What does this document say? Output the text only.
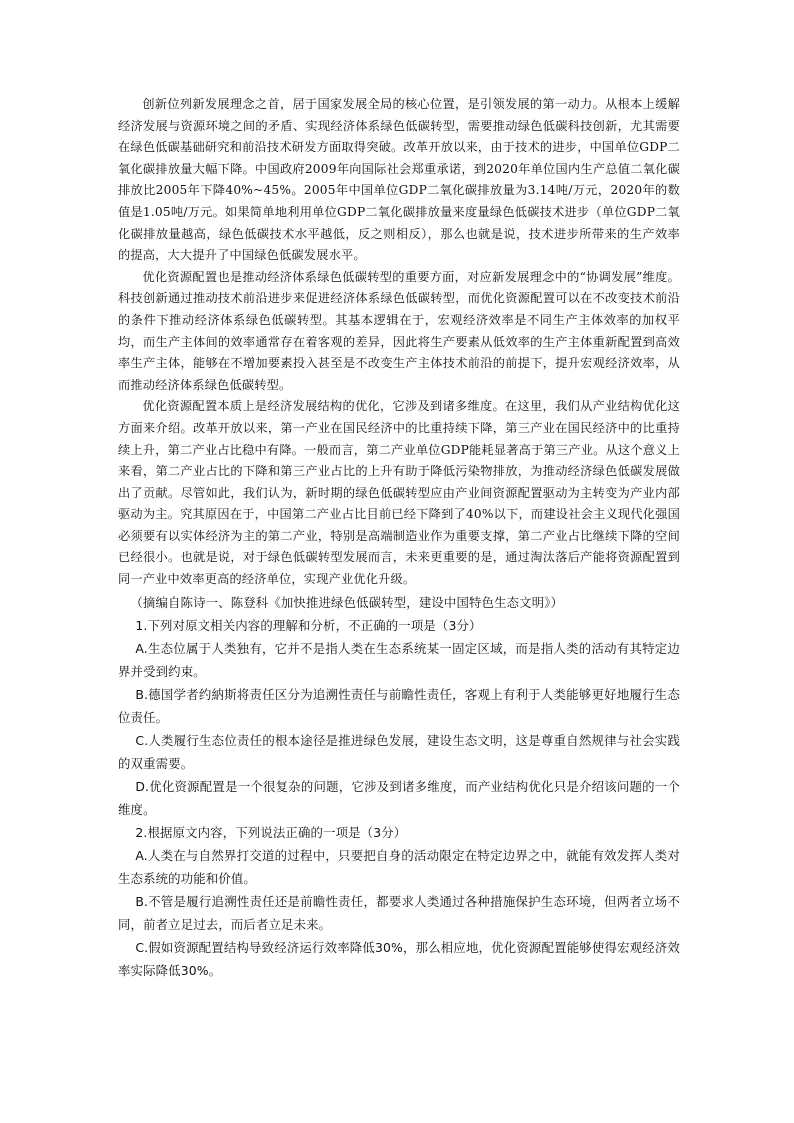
创新位列新发展理念之首，居于国家发展全局的核心位置，是引领发展的第一动力。从根本上缓解经济发展与资源环境之间的矛盾、实现经济体系绿色低碳转型，需要推动绿色低碳科技创新，尤其需要在绿色低碳基础研究和前沿技术研发方面取得突破。改革开放以来，由于技术的进步，中国单位GDP二氧化碳排放量大幅下降。中国政府2009年向国际社会郑重承诺，到2020年单位国内生产总值二氧化碳排放比2005年下降40%~45%。2005年中国单位GDP二氧化碳排放量为3.14吨/万元，2020年的数值是1.05吨/万元。如果简单地利用单位GDP二氧化碳排放量来度量绿色低碳技术进步（单位GDP二氧化碳排放量越高，绿色低碳技术水平越低，反之则相反），那么也就是说，技术进步所带来的生产效率的提高，大大提升了中国绿色低碳发展水平。

优化资源配置也是推动经济体系绿色低碳转型的重要方面，对应新发展理念中的“协调发展”维度。科技创新通过推动技术前沿进步来促进经济体系绿色低碳转型，而优化资源配置可以在不改变技术前沿的条件下推动经济体系绿色低碳转型。其基本逻辑在于，宏观经济效率是不同生产主体效率的加权平均，而生产主体间的效率通常存在着客观的差异，因此将生产要素从低效率的生产主体重新配置到高效率生产主体，能够在不增加要素投入甚至是不改变生产主体技术前沿的前提下，提升宏观经济效率，从而推动经济体系绿色低碳转型。

优化资源配置本质上是经济发展结构的优化，它涉及到诸多维度。在这里，我们从产业结构优化这方面来介绍。改革开放以来，第一产业在国民经济中的比重持续下降，第三产业在国民经济中的比重持续上升，第二产业占比稳中有降。一般而言，第二产业单位GDP能耗显著高于第三产业。从这个意义上来看，第二产业占比的下降和第三产业占比的上升有助于降低污染物排放，为推动经济绿色低碳发展做出了贡献。尽管如此，我们认为，新时期的绿色低碳转型应由产业间资源配置驱动为主转变为产业内部驱动为主。究其原因在于，中国第二产业占比目前已经下降到了40%以下，而建设社会主义现代化强国必须要有以实体经济为主的第二产业，特别是高端制造业作为重要支撑，第二产业占比继续下降的空间已经很小。也就是说，对于绿色低碳转型发展而言，未来更重要的是，通过淘汰落后产能将资源配置到同一产业中效率更高的经济单位，实现产业优化升级。

（摘编自陈诗一、陈登科《加快推进绿色低碳转型，建设中国特色生态文明》）

1.下列对原文相关内容的理解和分析，不正确的一项是（3分）

A.生态位属于人类独有，它并不是指人类在生态系统某一固定区域，而是指人类的活动有其特定边界并受到约束。

B.德国学者约納斯将责任区分为追溯性责任与前瞻性责任，客观上有利于人类能够更好地履行生态位责任。

C.人类履行生态位责任的根本途径是推进绿色发展，建设生态文明，这是尊重自然规律与社会实践的双重需要。

D.优化资源配置是一个很复杂的问题，它涉及到诸多维度，而产业结构优化只是介绍该问题的一个维度。

2.根据原文内容，下列说法正确的一项是（3分）

A.人类在与自然界打交道的过程中，只要把自身的活动限定在特定边界之中，就能有效发挥人类对生态系统的功能和价值。

B.不管是履行追溯性责任还是前瞻性责任，都要求人类通过各种措施保护生态环境，但两者立场不同，前者立足过去，而后者立足未来。

C.假如资源配置结构导致经济运行效率降低30%，那么相应地，优化资源配置能够使得宏观经济效率实际降低30%。
